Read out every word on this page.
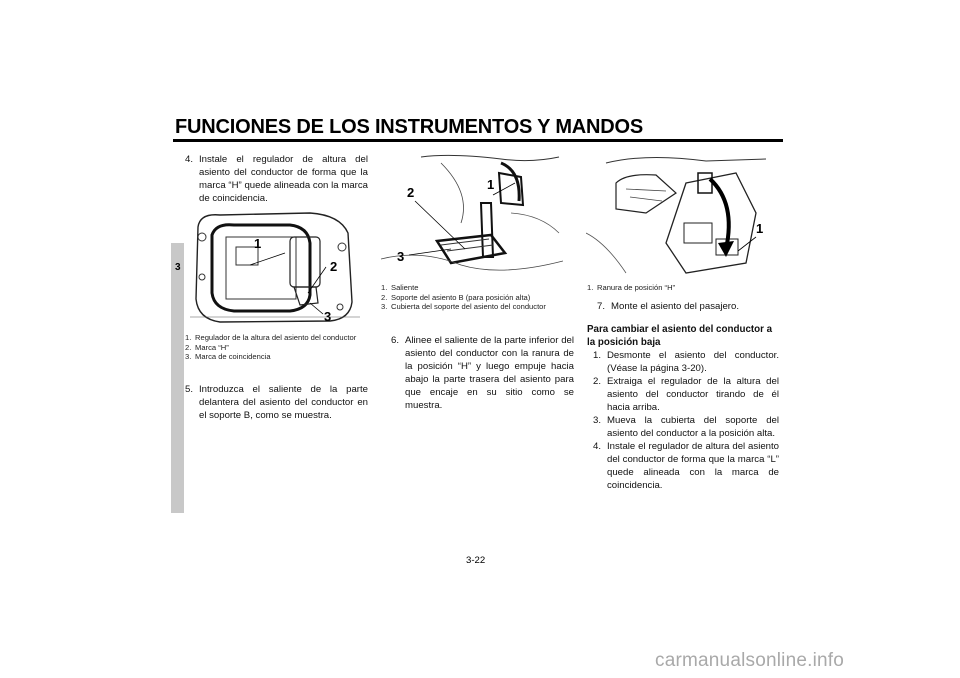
FUNCIONES DE LOS INSTRUMENTOS Y MANDOS
3
4. Instale el regulador de altura del asiento del conductor de forma que la marca “H” quede alineada con la marca de coincidencia.
1
2
3
1. Regulador de la altura del asiento del conductor
2. Marca “H”
3. Marca de coincidencia
5. Introduzca el saliente de la parte delantera del asiento del conductor en el soporte B, como se muestra.
1
2
3
1. Saliente
2. Soporte del asiento B (para posición alta)
3. Cubierta del soporte del asiento del conductor
6. Alinee el saliente de la parte inferior del asiento del conductor con la ranura de la posición “H” y luego empuje hacia abajo la parte trasera del asiento para que encaje en su sitio como se muestra.
1
1. Ranura de posición “H”
7. Monte el asiento del pasajero.
Para cambiar el asiento del conductor a la posición baja
1. Desmonte el asiento del conductor. (Véase la página 3-20).
2. Extraiga el regulador de la altura del asiento del conductor tirando de él hacia arriba.
3. Mueva la cubierta del soporte del asiento del conductor a la posición alta.
4. Instale el regulador de altura del asiento del conductor de forma que la marca “L” quede alineada con la marca de coincidencia.
3-22
carmanualsonline.info
